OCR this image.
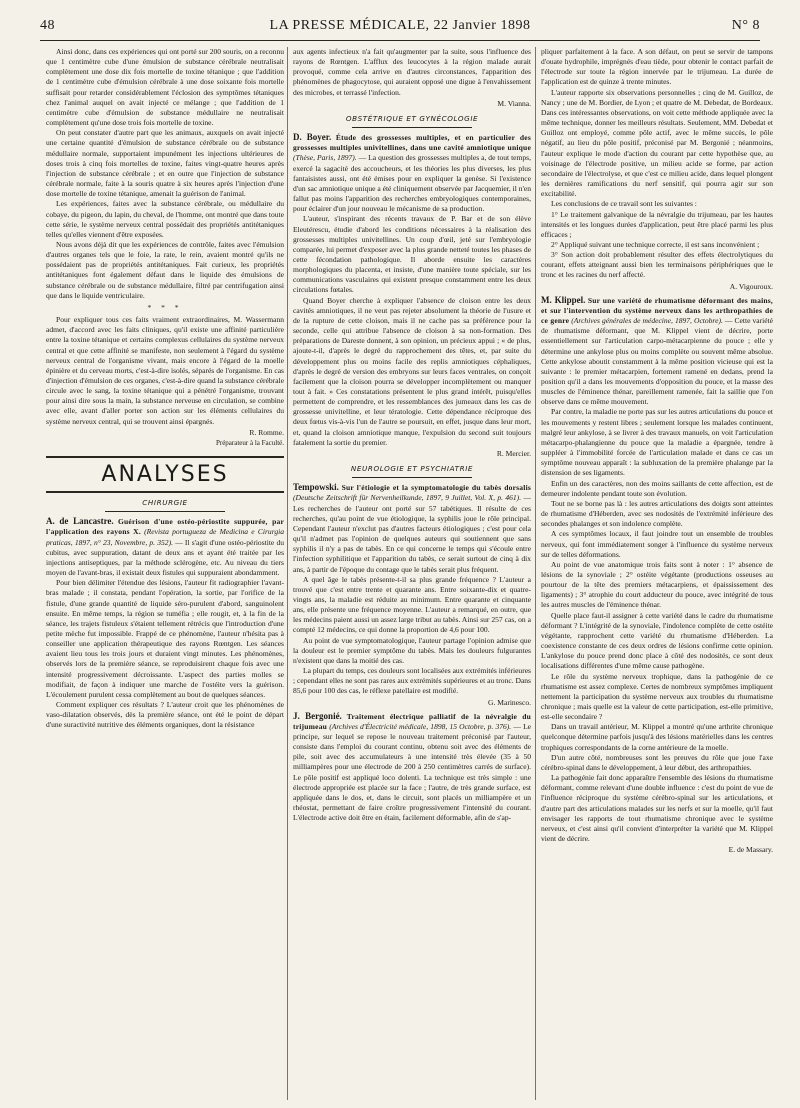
48	LA PRESSE MÉDICALE, 22 Janvier 1898	N° 8

Ainsi donc, dans ces expériences qui ont porté sur 200 souris, on a reconnu que 1 centimètre cube d'une émulsion de substance cérébrale neutralisait complètement une dose dix fois mortelle de toxine tétanique ; que l'addition de 1 centimètre cube d'émulsion cérébrale à une dose soixante fois mortelle suffisait pour retarder considérablement l'éclosion des symptômes tétaniques chez l'animal auquel on avait injecté ce mélange ; que l'addition de 1 centimètre cube d'émulsion de substance médullaire ne neutralisait complètement qu'une dose trois fois mortelle de toxine.

On peut constater d'autre part que les animaux, auxquels on avait injecté une certaine quantité d'émulsion de substance cérébrale ou de substance médullaire normale, supportaient impunément les injections ultérieures de doses trois à cinq fois mortelles de toxine, faites vingt-quatre heures après l'injection de substance cérébrale ; et en outre que l'injection de substance cérébrale normale, faite à la souris quatre à six heures après l'injection d'une dose mortelle de toxine tétanique, amenait la guérison de l'animal.

Les expériences, faites avec la substance cérébrale, ou médullaire du cobaye, du pigeon, du lapin, du cheval, de l'homme, ont montré que dans toute cette série, le système nerveux central possédait des propriétés antitétaniques telles qu'elles viennent d'être exposées.

Nous avons déjà dit que les expériences de contrôle, faites avec l'émulsion d'autres organes tels que le foie, la rate, le rein, avaient montré qu'ils ne possédaient pas de propriétés antitétaniques. Fait curieux, les propriétés antitétaniques font également défaut dans le liquide des émulsions de substance cérébrale ou de substance médullaire, filtré par centrifugation ainsi que dans le liquide ventriculaire.

* * *

Pour expliquer tous ces faits vraiment extraordinaires, M. Wassermann admet, d'accord avec les faits cliniques, qu'il existe une affinité particulière entre la toxine tétanique et certains complexus cellulaires du système nerveux central et que cette affinité se manifeste, non seulement à l'égard du système nerveux central de l'organisme vivant, mais encore à l'égard de la moelle épinière et du cerveau morts, c'est-à-dire isolés, séparés de l'organisme. En cas d'injection d'émulsion de ces organes, c'est-à-dire quand la substance cérébrale circule avec le sang, la toxine tétanique qui a pénétré l'organisme, trouvant pour ainsi dire sous la main, la substance nerveuse en circulation, se combine avec elle, avant d'aller porter son action sur les éléments cellulaires du système nerveux central, qui se trouvent ainsi épargnés.

R. Romme.

Préparateur à la Faculté.

ANALYSES
CHIRURGIE

A. de Lancastre. Guérison d'une ostéo-périostite suppurée, par l'application des rayons X. (Revista portugueza de Medicina e Cirurgia praticas, 1897, n° 23, Novembre, p. 352). — Il s'agit d'une ostéo-périostite du cubitus, avec suppuration, datant de deux ans et ayant été traitée par les injections antiseptiques, par la méthode sclérogène, etc. Au niveau du tiers moyen de l'avant-bras, il existait deux fistules qui suppuraient abondamment.

Pour bien délimiter l'étendue des lésions, l'auteur fit radiographier l'avant-bras malade ; il constata, pendant l'opération, la sortie, par l'orifice de la fistule, d'une grande quantité de liquide séro-purulent d'abord, sanguinolent ensuite. En même temps, la région se tuméfia ; elle rougit, et, à la fin de la séance, les trajets fistuleux s'étaient tellement rétrécis que l'introduction d'une petite mèche fut impossible. Frappé de ce phénomène, l'auteur n'hésita pas à conseiller une application thérapeutique des rayons Rœntgen. Les séances avaient lieu tous les trois jours et duraient vingt minutes. Les phénomènes, observés lors de la première séance, se reproduisirent chaque fois avec une intensité progressivement décroissante. L'aspect des parties molles se modifiait, de façon à indiquer une marche de l'ostéite vers la guérison. L'écoulement purulent cessa complètement au bout de quelques séances.

Comment expliquer ces résultats ? L'auteur croit que les phénomènes de vaso-dilatation observés, dès la première séance, ont été le point de départ d'une suractivité nutritive des éléments organiques, dont la résistance

aux agents infectieux n'a fait qu'augmenter par la suite, sous l'influence des rayons de Rœntgen. L'afflux des leucocytes à la région malade aurait provoqué, comme cela arrive en d'autres circonstances, l'apparition des phénomènes de phagocytose, qui auraient opposé une digue à l'envahissement des microbes, et terrassé l'infection.

M. Vianna.

OBSTÉTRIQUE ET GYNÉCOLOGIE

D. Boyer. Étude des grossesses multiples, et en particulier des grossesses multiples univitellines, dans une cavité amniotique unique (Thèse, Paris, 1897). — La question des grossesses multiples a, de tout temps, exercé la sagacité des accoucheurs, et les théories les plus diverses, les plus fantaisistes aussi, ont été émises pour en expliquer la genèse. Si l'existence d'un sac amniotique unique a été cliniquement observée par Jacquemier, il n'en fallut pas moins l'apparition des recherches embryologiques contemporaines, pour éclairer d'un jour nouveau le mécanisme de sa production.

L'auteur, s'inspirant des récents travaux de P. Bar et de son élève Eleutérescu, étudie d'abord les conditions nécessaires à la réalisation des grossesses multiples univitellines. Un coup d'œil, jeté sur l'embryologie comparée, lui permet d'exposer avec la plus grande netteté toutes les phases de cette fécondation pathologique. Il aborde ensuite les caractères morphologiques du placenta, et insiste, d'une manière toute spéciale, sur les communications vasculaires qui existent presque constamment entre les deux circulations fœtales.

Quand Boyer cherche à expliquer l'absence de cloison entre les deux cavités amniotiques, il ne veut pas rejeter absolument la théorie de l'usure et de la rupture de cette cloison, mais il ne cache pas sa préférence pour la seconde, celle qui attribue l'absence de cloison à sa non-formation. Des préparations de Dareste donnent, à son opinion, un précieux appui ; « de plus, ajoute-t-il, d'après le degré du rapprochement des têtes, et, par suite du développement plus ou moins facile des replis amniotiques céphaliques, d'après le degré de version des embryons sur leurs faces ventrales, on conçoit facilement que la cloison pourra se développer incomplètement ou manquer tout à fait. » Ces constatations présentent le plus grand intérêt, puisqu'elles permettent de comprendre, et les ressemblances des jumeaux dans les cas de grossesse univitelline, et leur tératologie. Cette dépendance réciproque des deux fœtus vis-à-vis l'un de l'autre se poursuit, en effet, jusque dans leur mort, et, quand la cloison amniotique manque, l'expulsion du second suit toujours fatalement la sortie du premier.

R. Mercier.

NEUROLOGIE ET PSYCHIATRIE

Tempowski. Sur l'étiologie et la symptomatologie du tabès dorsalis (Deutsche Zeitschrift für Nervenheilkunde, 1897, 9 Juillet, Vol. X, p. 461). — Les recherches de l'auteur ont porté sur 57 tabétiques. Il résulte de ces recherches, qu'au point de vue étiologique, la syphilis joue le rôle principal. Cependant l'auteur n'exclut pas d'autres facteurs étiologiques ; c'est pour cela qu'il n'admet pas l'opinion de quelques auteurs qui soutiennent que sans syphilis il n'y a pas de tabès. En ce qui concerne le temps qui s'écoule entre l'infection syphilitique et l'apparition du tabès, ce serait surtout de cinq à dix ans, à partir de l'époque du contage que le tabès serait plus fréquent.

A quel âge le tabès présente-t-il sa plus grande fréquence ? L'auteur a trouvé que c'est entre trente et quarante ans. Entre soixante-dix et quatre-vingts ans, la maladie est réduite au minimum. Entre quarante et cinquante ans, elle présente une fréquence moyenne. L'auteur a remarqué, en outre, que les médecins paient aussi un assez large tribut au tabès. Ainsi sur 257 cas, on a compté 12 médecins, ce qui donne la proportion de 4,6 pour 100.

Au point de vue symptomatologique, l'auteur partage l'opinion admise que la douleur est le premier symptôme du tabès. Mais les douleurs fulgurantes n'existent que dans la moitié des cas.

La plupart du temps, ces douleurs sont localisées aux extrémités inférieures ; cependant elles ne sont pas rares aux extrémités supérieures et au tronc. Dans 85,6 pour 100 des cas, le réflexe patellaire est modifié.

G. Marinesco.

J. Bergonié. Traitement électrique palliatif de la névralgie du trijumeau (Archives d'Électricité médicale, 1898, 15 Octobre, p. 376). — Le principe, sur lequel se repose le nouveau traitement préconisé par l'auteur, consiste dans l'emploi du courant continu, obtenu soit avec des éléments de pile, soit avec des accumulateurs à une intensité très élevée (35 à 50 milliampères pour une électrode de 200 à 250 centimètres carrés de surface). Le pôle positif est appliqué loco dolenti. La technique est très simple : une électrode appropriée est placée sur la face ; l'autre, de très grande surface, est appliquée dans le dos, et, dans le circuit, sont placés un milliampère et un rhéostat, permettant de faire croître progressivement l'intensité du courant. L'électrode active doit être en étain, facilement déformable, afin de s'ap-

pliquer parfaitement à la face. A son défaut, on peut se servir de tampons d'ouate hydrophile, imprégnés d'eau tiède, pour obtenir le contact parfait de l'électrode sur toute la région innervée par le trijumeau. La durée de l'application est de quinze à trente minutes.

L'auteur rapporte six observations personnelles ; cinq de M. Guilloz, de Nancy ; une de M. Bordier, de Lyon ; et quatre de M. Debedat, de Bordeaux. Dans ces intéressantes observations, on voit cette méthode appliquée avec la même technique, donner les meilleurs résultats. Seulement, MM. Debedat et Guilloz ont employé, comme pôle actif, avec le même succès, le pôle négatif, au lieu du pôle positif, préconisé par M. Bergonié ; néanmoins, l'auteur explique le mode d'action du courant par cette hypothèse que, au voisinage de l'électrode positive, un milieu acide se forme, par action secondaire de l'électrolyse, et que c'est ce milieu acide, dans lequel plongent les dernières ramifications du nerf sensitif, qui pourra agir sur son excitabilité.

Les conclusions de ce travail sont les suivantes :

1° Le traitement galvanique de la névralgie du trijumeau, par les hautes intensités et les longues durées d'application, peut être placé parmi les plus efficaces ;

2° Appliqué suivant une technique correcte, il est sans inconvénient ;

3° Son action doit probablement résulter des effets électrolytiques du courant, effets atteignant aussi bien les terminaisons périphériques que le tronc et les racines du nerf affecté.

A. Vigouroux.

M. Klippel. Sur une variété de rhumatisme déformant des mains, et sur l'intervention du système nerveux dans les arthropathies de ce genre (Archives générales de médecine, 1897, Octobre). — Cette variété de rhumatisme déformant, que M. Klippel vient de décrire, porte essentiellement sur l'articulation carpo-métacarpienne du pouce ; elle y détermine une ankylose plus ou moins complète ou souvent même absolue. Cette ankylose aboutit constamment à la même position vicieuse qui est la suivante : le premier métacarpien, fortement ramené en dedans, prend la position qu'il a dans les mouvements d'opposition du pouce, et la masse des muscles de l'éminence thénar, pareillement ramenée, fait la saillie que l'on observe dans ce même mouvement.

Par contre, la maladie ne porte pas sur les autres articulations du pouce et les mouvements y restent libres ; seulement lorsque les malades continuent, malgré leur ankylose, à se livrer à des travaux manuels, on voit l'articulation métacarpo-phalangienne du pouce que la maladie a épargnée, tendre à suppléer à l'immobilité forcée de l'articulation malade et dans ce cas un symptôme nouveau apparaît : la subluxation de la première phalange par la distension de ses ligaments.

Enfin un des caractères, non des moins saillants de cette affection, est de demeurer indolente pendant toute son évolution.

Tout ne se borne pas là : les autres articulations des doigts sont atteintes de rhumatisme d'Héberden, avec ses nodosités de l'extrémité inférieure des secondes phalanges et son indolence complète.

A ces symptômes locaux, il faut joindre tout un ensemble de troubles nerveux, qui font immédiatement songer à l'influence du système nerveux sur de telles déformations.

Au point de vue anatomique trois faits sont à noter : 1° absence de lésions de la synoviale ; 2° ostéite végétante (productions osseuses au pourtour de la tête des premiers métacarpiens, et épaississement des ligaments) ; 3° atrophie du court adducteur du pouce, avec intégrité de tous les autres muscles de l'éminence thénar.

Quelle place faut-il assigner à cette variété dans le cadre du rhumatisme déformant ? L'intégrité de la synoviale, l'indolence complète de cette ostéite végétante, rapprochent cette variété du rhumatisme d'Héberden. La coexistence constante de ces deux ordres de lésions confirme cette opinion. L'ankylose du pouce prend donc place à côté des nodosités, ce sont deux localisations différentes d'une même cause pathogène.

Le rôle du système nerveux trophique, dans la pathogénie de ce rhumatisme est assez complexe. Certes de nombreux symptômes impliquent nettement la participation du système nerveux aux troubles du rhumatisme chronique ; mais quelle est la valeur de cette participation, est-elle primitive, est-elle secondaire ?

Dans un travail antérieur, M. Klippel a montré qu'une arthrite chronique quelconque détermine parfois jusqu'à des lésions matérielles dans les centres trophiques correspondants de la corne antérieure de la moelle.

D'un autre côté, nombreuses sont les preuves du rôle que joue l'axe cérébro-spinal dans le développement, à leur début, des arthropathies.

La pathogénie fait donc apparaître l'ensemble des lésions du rhumatisme déformant, comme relevant d'une double influence : c'est du point de vue de l'influence réciproque du système cérébro-spinal sur les articulations, et d'autre part des articulations malades sur les nerfs et sur la moelle, qu'il faut envisager les rapports de tout rhumatisme chronique avec le système nerveux, et c'est ainsi qu'il convient d'interpréter la variété que M. Klippel vient de décrire.

E. de Massary.
